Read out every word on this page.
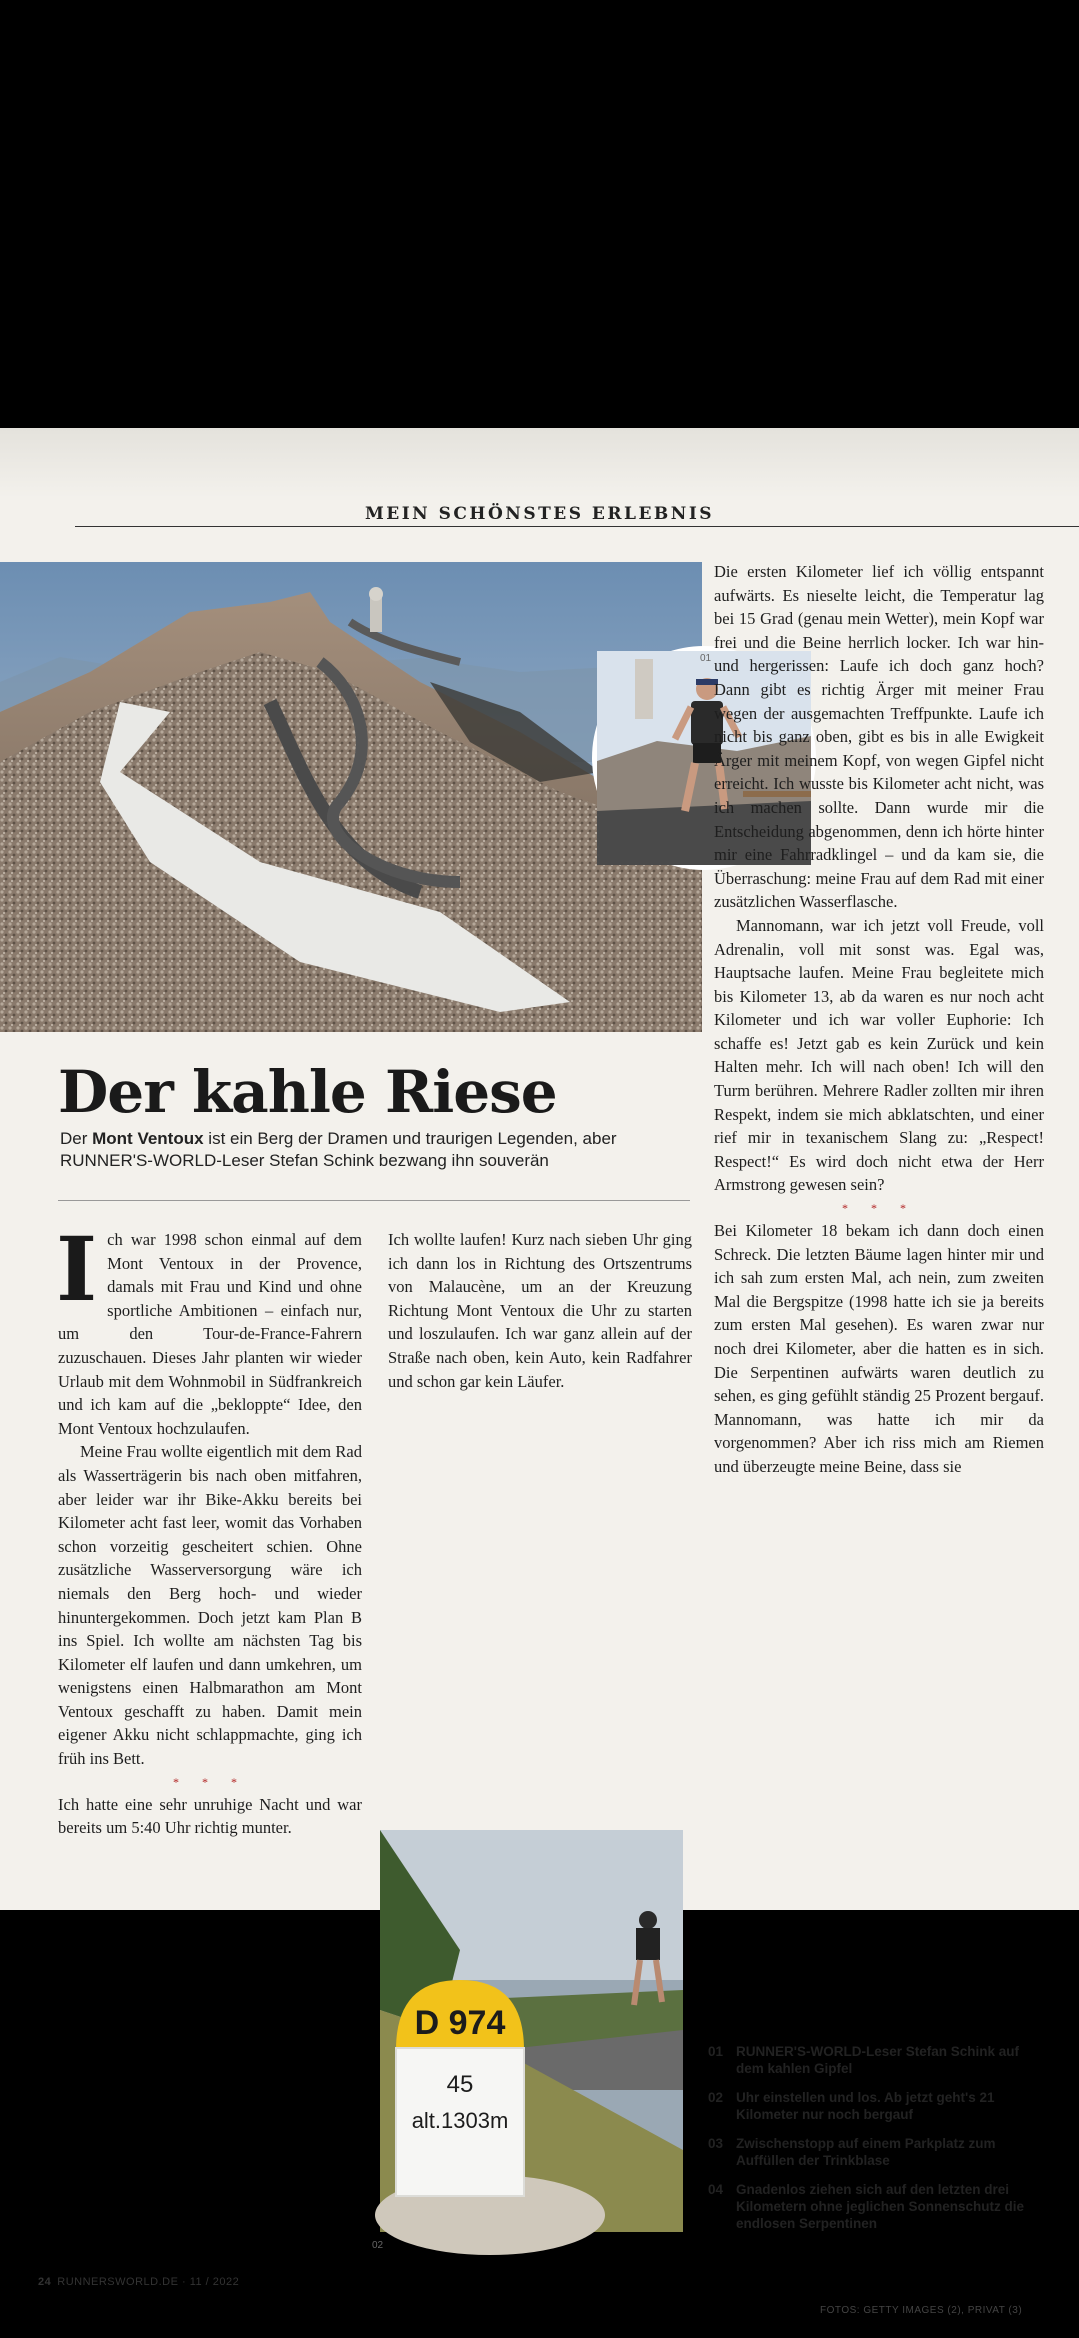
MEIN SCHÖNSTES ERLEBNIS
01
Der kahle Riese
Der Mont Ventoux ist ein Berg der Dramen und traurigen Legenden, aber RUNNER'S-WORLD-Leser Stefan Schink bezwang ihn souverän

Ich war 1998 schon einmal auf dem Mont Ventoux in der Provence, damals mit Frau und Kind und ohne sportliche Ambitionen – einfach nur, um den Tour-de-France-Fahrern zuzuschauen. Dieses Jahr planten wir wieder Urlaub mit dem Wohnmobil in Südfrankreich und ich kam auf die „bekloppte“ Idee, den Mont Ventoux hochzulaufen.

Meine Frau wollte eigentlich mit dem Rad als Wasserträgerin bis nach oben mitfahren, aber leider war ihr Bike-Akku bereits bei Kilometer acht fast leer, womit das Vorhaben schon vorzeitig gescheitert schien. Ohne zusätzliche Wasserversorgung wäre ich niemals den Berg hoch- und wieder hinuntergekommen. Doch jetzt kam Plan B ins Spiel. Ich wollte am nächsten Tag bis Kilometer elf laufen und dann umkehren, um wenigstens einen Halbmarathon am Mont Ventoux geschafft zu haben. Damit mein eigener Akku nicht schlappmachte, ging ich früh ins Bett.

* * *

Ich hatte eine sehr unruhige Nacht und war bereits um 5:40 Uhr richtig munter.

Ich wollte laufen! Kurz nach sieben Uhr ging ich dann los in Richtung des Ortszentrums von Malaucène, um an der Kreuzung Richtung Mont Ventoux die Uhr zu starten und loszulaufen. Ich war ganz allein auf der Straße nach oben, kein Auto, kein Radfahrer und schon gar kein Läufer.

D 974
45
alt.1303m
02

Die ersten Kilometer lief ich völlig entspannt aufwärts. Es nieselte leicht, die Temperatur lag bei 15 Grad (genau mein Wetter), mein Kopf war frei und die Beine herrlich locker. Ich war hin- und hergerissen: Laufe ich doch ganz hoch? Dann gibt es richtig Ärger mit meiner Frau wegen der ausgemachten Treffpunkte. Laufe ich nicht bis ganz oben, gibt es bis in alle Ewigkeit Ärger mit meinem Kopf, von wegen Gipfel nicht erreicht. Ich wusste bis Kilometer acht nicht, was ich machen sollte. Dann wurde mir die Entscheidung abgenommen, denn ich hörte hinter mir eine Fahrradklingel – und da kam sie, die Überraschung: meine Frau auf dem Rad mit einer zusätzlichen Wasserflasche.

Mannomann, war ich jetzt voll Freude, voll Adrenalin, voll mit sonst was. Egal was, Hauptsache laufen. Meine Frau begleitete mich bis Kilometer 13, ab da waren es nur noch acht Kilometer und ich war voller Euphorie: Ich schaffe es! Jetzt gab es kein Zurück und kein Halten mehr. Ich will nach oben! Ich will den Turm berühren. Mehrere Radler zollten mir ihren Respekt, indem sie mich abklatschten, und einer rief mir in texanischem Slang zu: „Respect! Respect!“ Es wird doch nicht etwa der Herr Armstrong gewesen sein?

* * *

Bei Kilometer 18 bekam ich dann doch einen Schreck. Die letzten Bäume lagen hinter mir und ich sah zum ersten Mal, ach nein, zum zweiten Mal die Bergspitze (1998 hatte ich sie ja bereits zum ersten Mal gesehen). Es waren zwar nur noch drei Kilometer, aber die hatten es in sich. Die Serpentinen aufwärts waren deutlich zu sehen, es ging gefühlt ständig 25 Prozent bergauf. Mannomann, was hatte ich mir da vorgenommen? Aber ich riss mich am Riemen und überzeugte meine Beine, dass sie

01 RUNNER'S-WORLD-Leser Stefan Schink auf dem kahlen Gipfel
02 Uhr einstellen und los. Ab jetzt geht's 21 Kilometer nur noch bergauf
03 Zwischenstopp auf einem Parkplatz zum Auffüllen der Trinkblase
04 Gnadenlos ziehen sich auf den letzten drei Kilometern ohne jeglichen Sonnenschutz die endlosen Serpentinen
24 RUNNERSWORLD.DE · 11 / 2022
FOTOS: GETTY IMAGES (2), PRIVAT (3)
